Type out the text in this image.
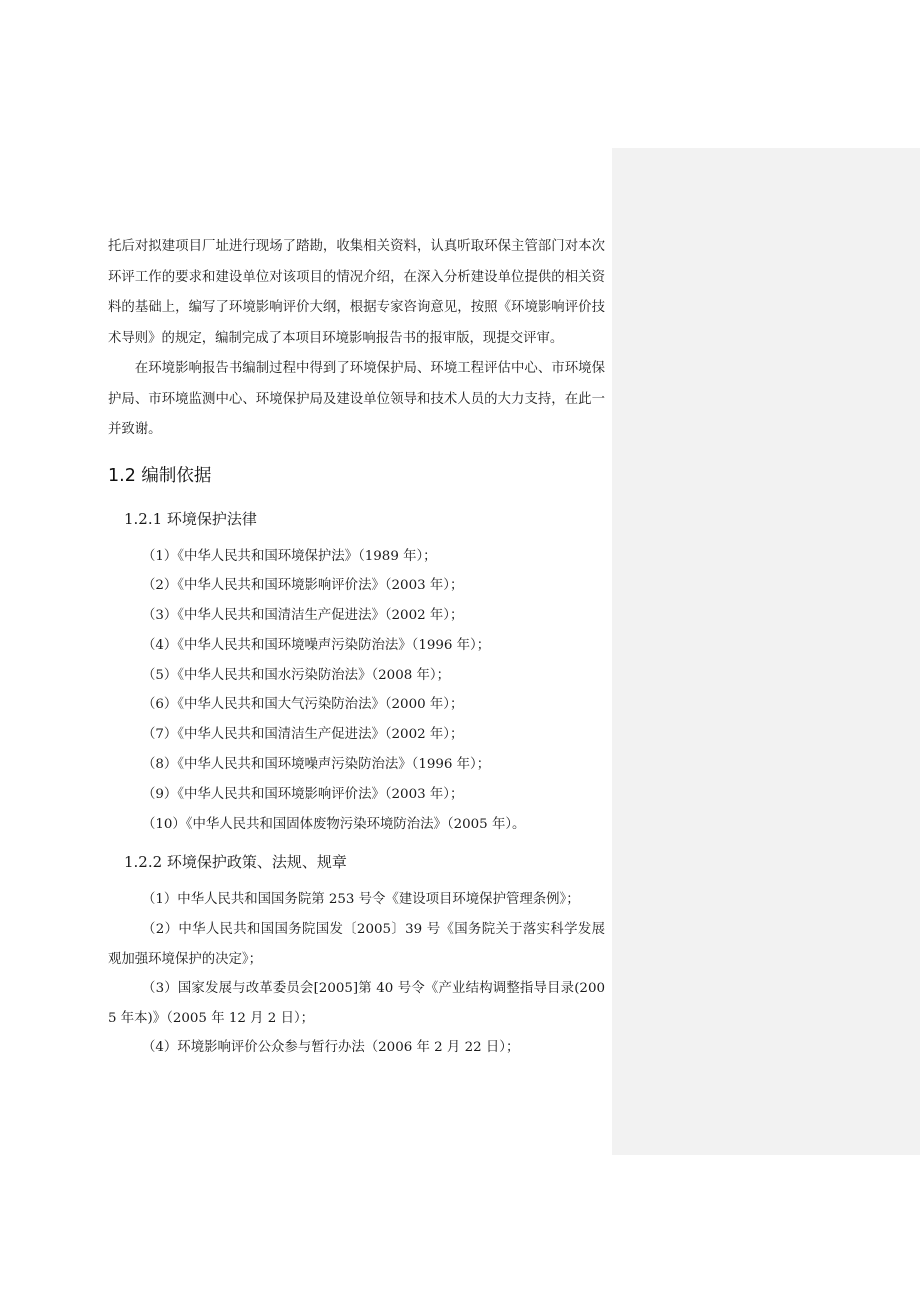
托后对拟建项目厂址进行现场了踏勘，收集相关资料，认真听取环保主管部门对本次环评工作的要求和建设单位对该项目的情况介绍，在深入分析建设单位提供的相关资料的基础上，编写了环境影响评价大纲，根据专家咨询意见，按照《环境影响评价技术导则》的规定，编制完成了本项目环境影响报告书的报审版，现提交评审。

在环境影响报告书编制过程中得到了环境保护局、环境工程评估中心、市环境保护局、市环境监测中心、环境保护局及建设单位领导和技术人员的大力支持，在此一并致谢。

1.2 编制依据
1.2.1 环境保护法律
（1）《中华人民共和国环境保护法》（1989 年）；
（2）《中华人民共和国环境影响评价法》（2003 年）；
（3）《中华人民共和国清洁生产促进法》（2002 年）；
（4）《中华人民共和国环境噪声污染防治法》（1996 年）；
（5）《中华人民共和国水污染防治法》（2008 年）；
（6）《中华人民共和国大气污染防治法》（2000 年）；
（7）《中华人民共和国清洁生产促进法》（2002 年）；
（8）《中华人民共和国环境噪声污染防治法》（1996 年）；
（9）《中华人民共和国环境影响评价法》（2003 年）；
（10）《中华人民共和国固体废物污染环境防治法》（2005 年）。
1.2.2 环境保护政策、法规、规章
（1）中华人民共和国国务院第 253 号令《建设项目环境保护管理条例》；
（2）中华人民共和国国务院国发〔2005〕39 号《国务院关于落实科学发展观加强环境保护的决定》；
（3）国家发展与改革委员会[2005]第 40 号令《产业结构调整指导目录(2005 年本)》（2005 年 12 月 2 日）；
（4）环境影响评价公众参与暂行办法（2006 年 2 月 22 日）；
